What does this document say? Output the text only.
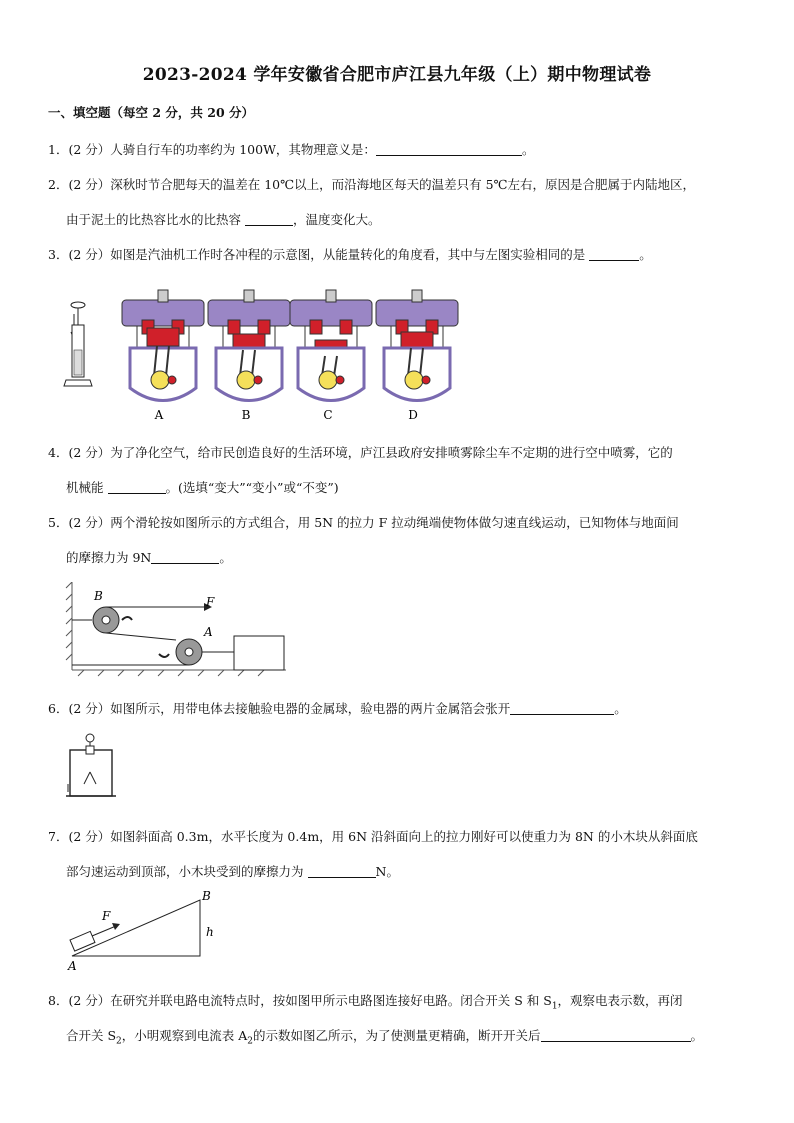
2023-2024 学年安徽省合肥市庐江县九年级（上）期中物理试卷
一、填空题（每空 2 分，共 20 分）
1．(2 分）人骑自行车的功率约为 100W，其物理意义是：	。
2．(2 分）深秋时节合肥每天的温差在 10℃以上，而沿海地区每天的温差只有 5℃左右，原因是合肥属于内陆地区，
由于泥土的比热容比水的比热容	，温度变化大。
3．(2 分）如图是汽油机工作时各冲程的示意图，从能量转化的角度看，其中与左图实验相同的是	。
A	B	C	D
4．(2 分）为了净化空气，给市民创造良好的生活环境，庐江县政府安排喷雾除尘车不定期的进行空中喷雾，它的
机械能	。(选填“变大”“变小”或“不变”)
5．(2 分）两个滑轮按如图所示的方式组合，用 5N 的拉力 F 拉动绳端使物体做匀速直线运动，已知物体与地面间
的摩擦力为 9N	。
B	F
A
6．(2 分）如图所示，用带电体去接触验电器的金属球，验电器的两片金属箔会张开	。
7．(2 分）如图斜面高 0.3m，水平长度为 0.4m，用 6N 沿斜面向上的拉力刚好可以使重力为 8N 的小木块从斜面底
部匀速运动到顶部，小木块受到的摩擦力为	N。
F
B
h
A
8．(2 分）在研究并联电路电流特点时，按如图甲所示电路图连接好电路。闭合开关 S 和 $S_1$，观察电表示数，再闭
合开关 $S_2$，小明观察到电流表 $A_2$的示数如图乙所示，为了使测量更精确，断开开关后	。
